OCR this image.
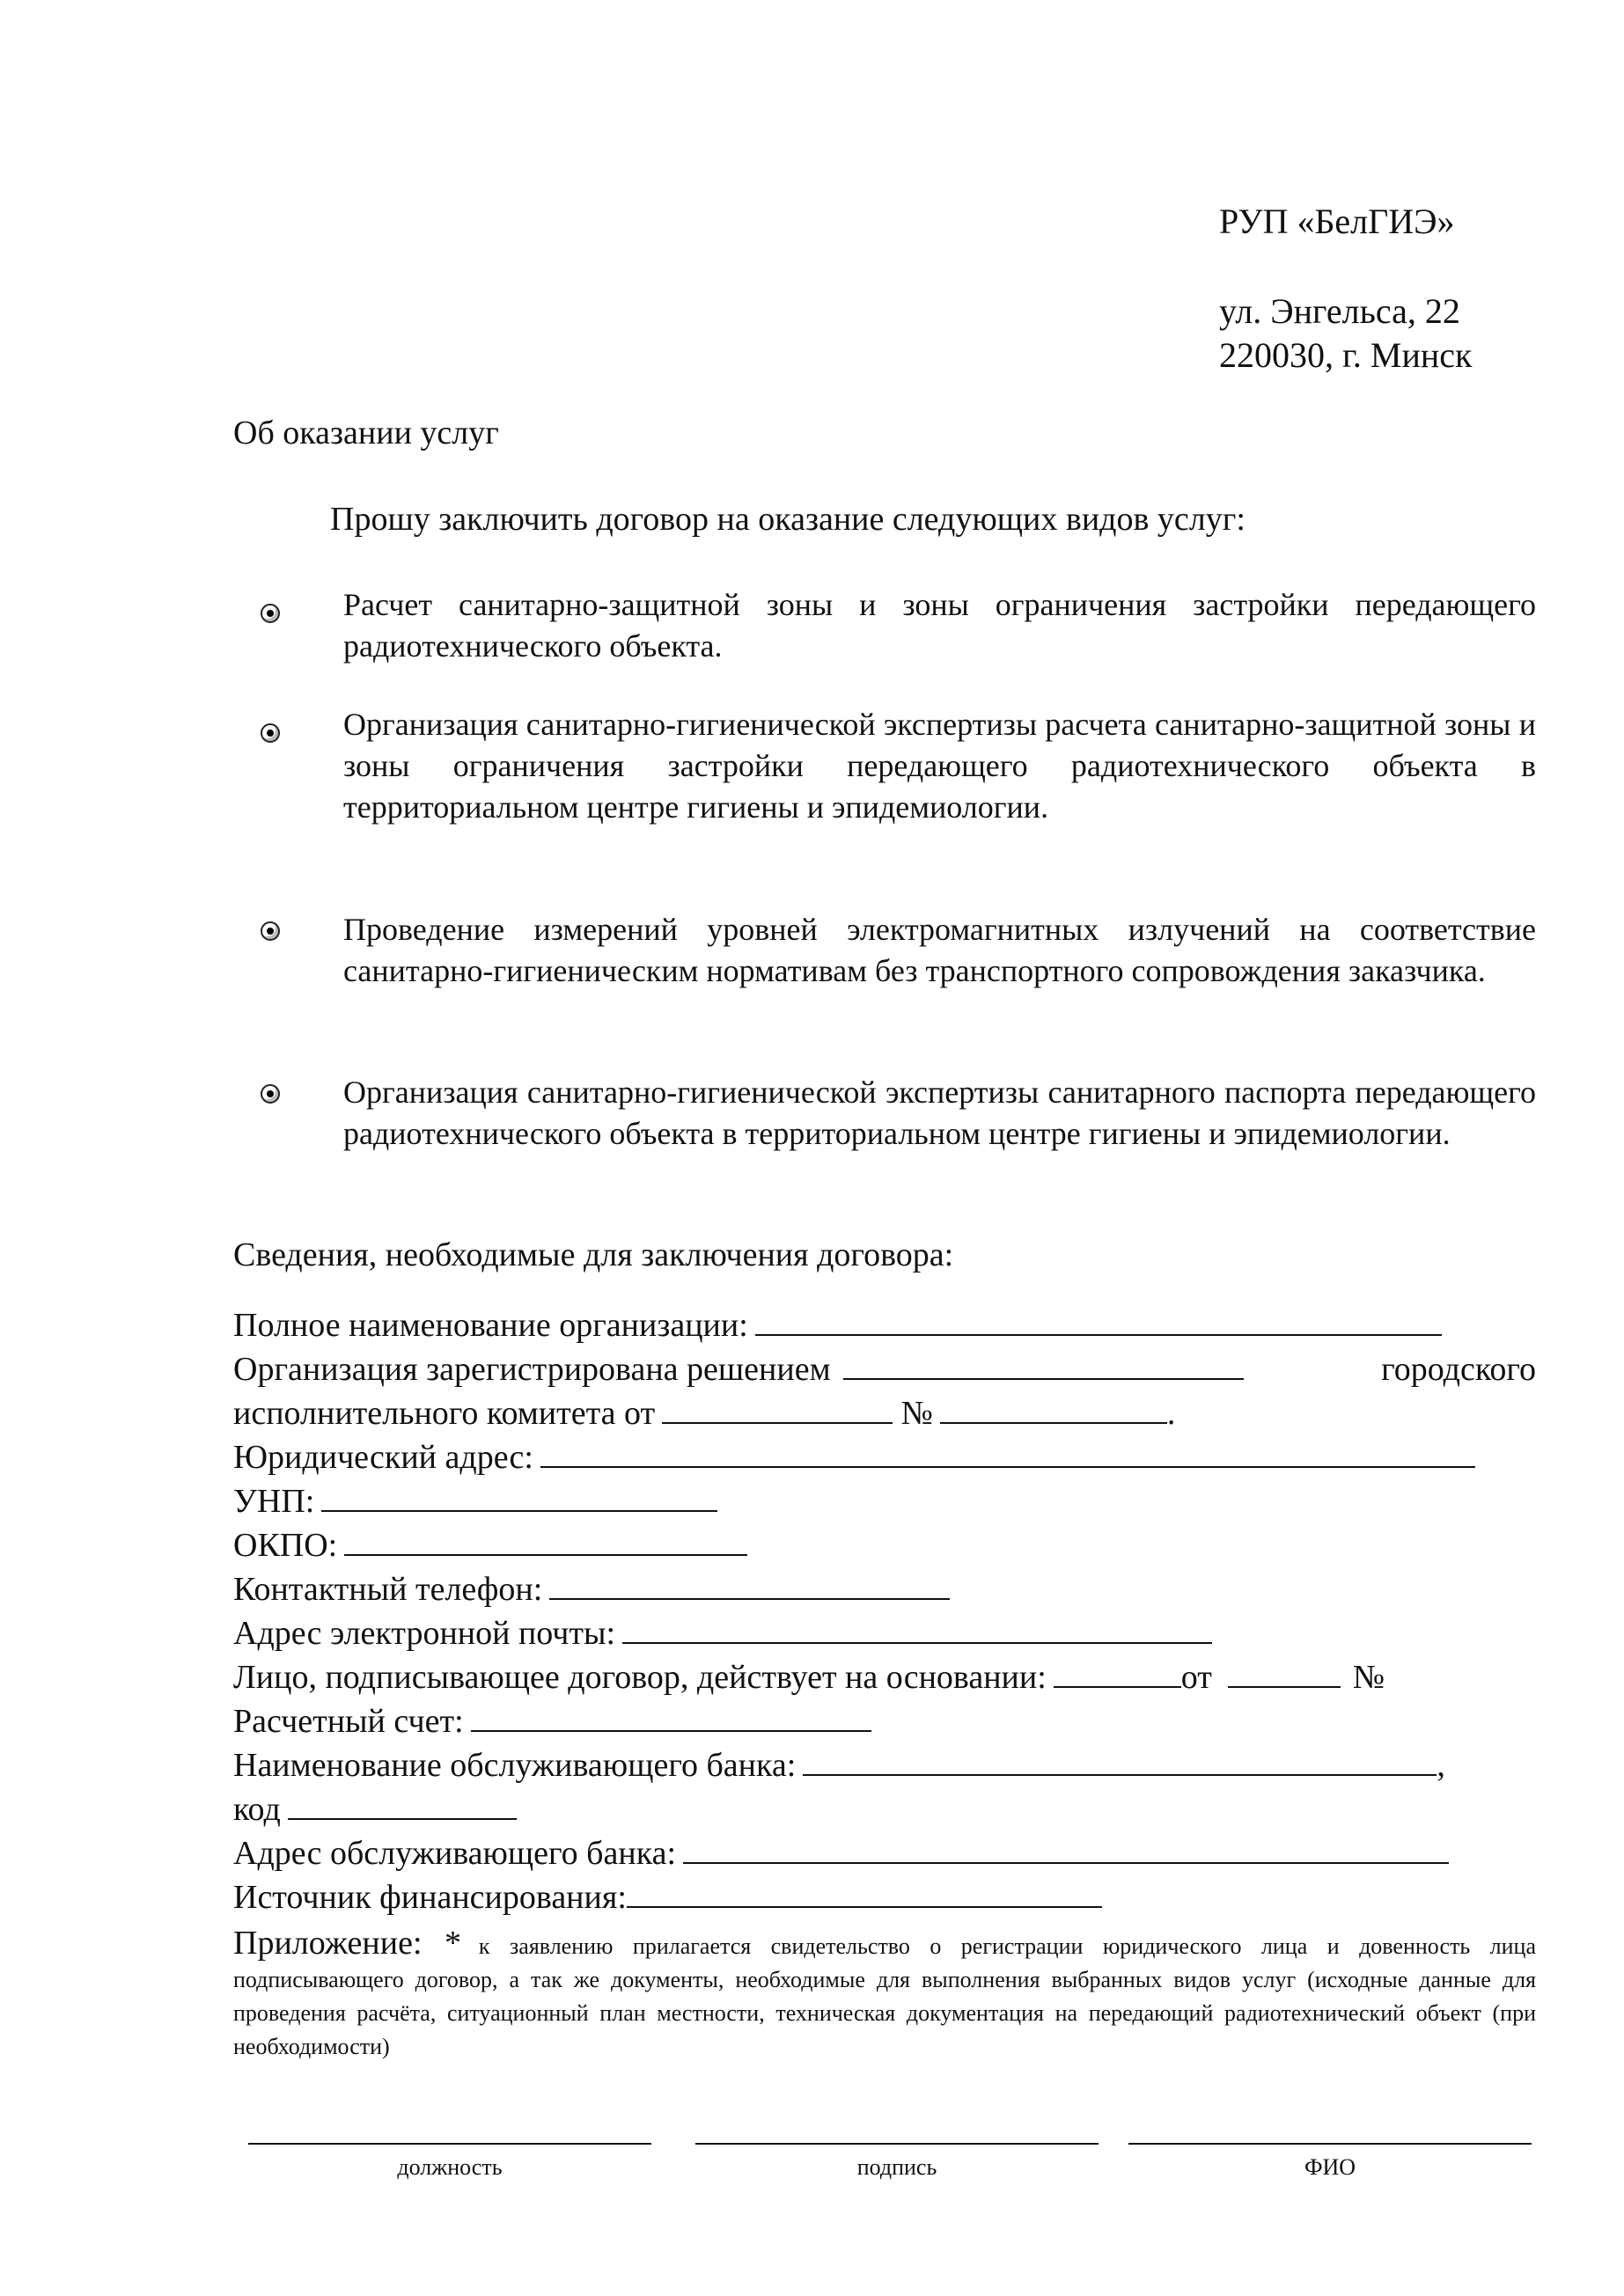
РУП «БелГИЭ»
ул. Энгельса, 22
220030, г. Минск
Об оказании услуг
Прошу заключить договор на оказание следующих видов услуг:
Расчет санитарно-защитной зоны и зоны ограничения застройки передающего радиотехнического объекта.
Организация санитарно-гигиенической экспертизы расчета санитарно-защитной зоны и зоны ограничения застройки передающего радиотехнического объекта в территориальном центре гигиены и эпидемиологии.
Проведение измерений уровней электромагнитных излучений на соответствие санитарно-гигиеническим нормативам без транспортного сопровождения заказчика.
Организация санитарно-гигиенической экспертизы санитарного паспорта передающего радиотехнического объекта в территориальном центре гигиены и эпидемиологии.
Сведения, необходимые для заключения договора:
Полное наименование организации:
Организация зарегистрирована решением	городского
исполнительного комитета от	№	.
Юридический адрес:
УНП:
ОКПО:
Контактный телефон:
Адрес электронной почты:
Лицо, подписывающее договор, действует на основании:	от	№
Расчетный счет:
Наименование обслуживающего банка:	,
код
Адрес обслуживающего банка:
Источник финансирования:
Приложение: * к заявлению прилагается свидетельство о регистрации юридического лица и довенность лица подписывающего договор, а так же документы, необходимые для выполнения выбранных видов услуг (исходные данные для проведения расчёта, ситуационный план местности, техническая документация на передающий радиотехнический объект (при необходимости)
должность	подпись	ФИО
